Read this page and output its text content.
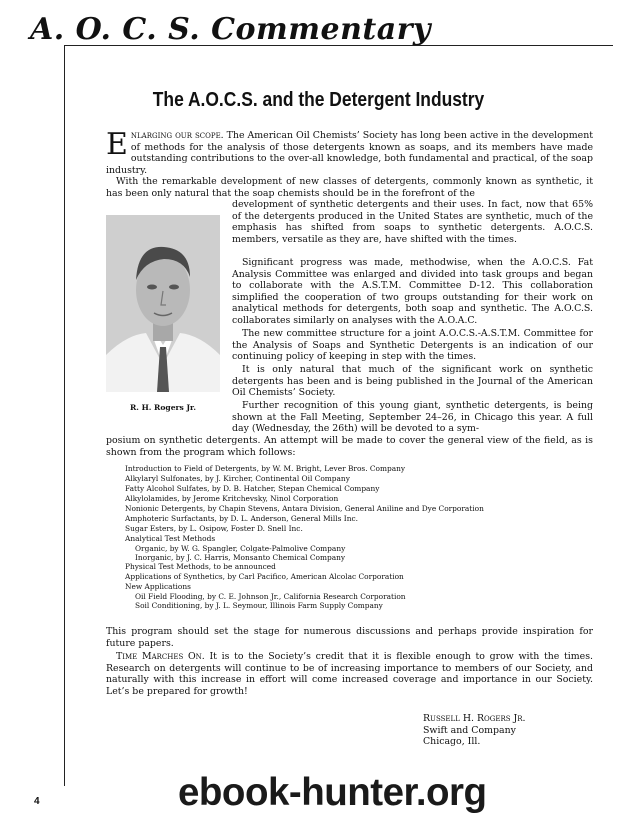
A. O. C. S. Commentary
The A.O.C.S. and the Detergent Industry
Enlarging our scope. The American Oil Chemists’ Society has long been active in the development of methods for the analysis of those detergents known as soaps, and its members have made outstanding contributions to the over-all knowledge, both fundamental and practical, of the soap industry.
With the remarkable development of new classes of detergents, commonly known as synthetic, it has been only natural that the soap chemists should be in the forefront of the
R. H. Rogers Jr.
development of synthetic detergents and their uses. In fact, now that 65% of the detergents produced in the United States are synthetic, much of the emphasis has shifted from soaps to synthetic detergents. A.O.C.S. members, versatile as they are, have shifted with the times.
Significant progress was made, methodwise, when the A.O.C.S. Fat Analysis Committee was enlarged and divided into task groups and began to collaborate with the A.S.T.M. Committee D-12. This collaboration simplified the cooperation of two groups outstanding for their work on analytical methods for detergents, both soap and synthetic. The A.O.C.S. collaborates similarly on analyses with the A.O.A.C.
The new committee structure for a joint A.O.C.S.-A.S.T.M. Committee for the Analysis of Soaps and Synthetic Detergents is an indication of our continuing policy of keeping in step with the times.
It is only natural that much of the significant work on synthetic detergents has been and is being published in the Journal of the American Oil Chemists’ Society.
Further recognition of this young giant, synthetic detergents, is being shown at the Fall Meeting, September 24–26, in Chicago this year. A full day (Wednesday, the 26th) will be devoted to a sym-
posium on synthetic detergents. An attempt will be made to cover the general view of the field, as is shown from the program which follows:
Introduction to Field of Detergents, by W. M. Bright, Lever Bros. Company
Alkylaryl Sulfonates, by J. Kircher, Continental Oil Company
Fatty Alcohol Sulfates, by D. B. Hatcher, Stepan Chemical Company
Alkylolamides, by Jerome Kritchevsky, Ninol Corporation
Nonionic Detergents, by Chapin Stevens, Antara Division, General Aniline and Dye Corporation
Amphoteric Surfactants, by D. L. Anderson, General Mills Inc.
Sugar Esters, by L. Osipow, Foster D. Snell Inc.
Analytical Test Methods
Organic, by W. G. Spangler, Colgate-Palmolive Company
Inorganic, by J. C. Harris, Monsanto Chemical Company
Physical Test Methods, to be announced
Applications of Synthetics, by Carl Pacifico, American Alcolac Corporation
New Applications
Oil Field Flooding, by C. E. Johnson Jr., California Research Corporation
Soil Conditioning, by J. L. Seymour, Illinois Farm Supply Company
This program should set the stage for numerous discussions and perhaps provide inspiration for future papers.
Time Marches On. It is to the Society’s credit that it is flexible enough to grow with the times. Research on detergents will continue to be of increasing importance to members of our Society, and naturally with this increase in effort will come increased coverage and importance in our Society. Let’s be prepared for growth!
Russell H. Rogers Jr.
Swift and Company
Chicago, Ill.
4	ebook-hunter.org
